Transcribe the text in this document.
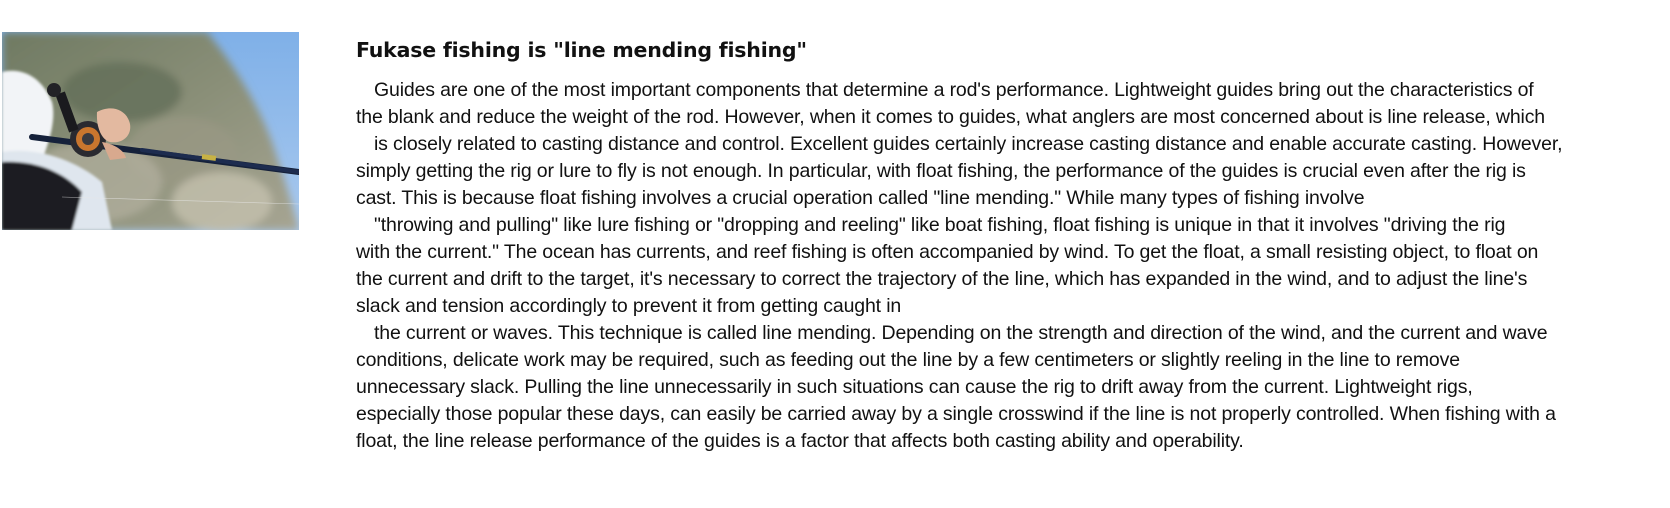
Fukase fishing is "line mending fishing"
Guides are one of the most important components that determine a rod's performance. Lightweight guides bring out the characteristics of
the blank and reduce the weight of the rod. However, when it comes to guides, what anglers are most concerned about is line release, which
is closely related to casting distance and control. Excellent guides certainly increase casting distance and enable accurate casting. However,
simply getting the rig or lure to fly is not enough. In particular, with float fishing, the performance of the guides is crucial even after the rig is
cast. This is because float fishing involves a crucial operation called "line mending." While many types of fishing involve
"throwing and pulling" like lure fishing or "dropping and reeling" like boat fishing, float fishing is unique in that it involves "driving the rig
with the current." The ocean has currents, and reef fishing is often accompanied by wind. To get the float, a small resisting object, to float on
the current and drift to the target, it's necessary to correct the trajectory of the line, which has expanded in the wind, and to adjust the line's
slack and tension accordingly to prevent it from getting caught in
the current or waves. This technique is called line mending. Depending on the strength and direction of the wind, and the current and wave
conditions, delicate work may be required, such as feeding out the line by a few centimeters or slightly reeling in the line to remove
unnecessary slack. Pulling the line unnecessarily in such situations can cause the rig to drift away from the current. Lightweight rigs,
especially those popular these days, can easily be carried away by a single crosswind if the line is not properly controlled. When fishing with a
float, the line release performance of the guides is a factor that affects both casting ability and operability.
